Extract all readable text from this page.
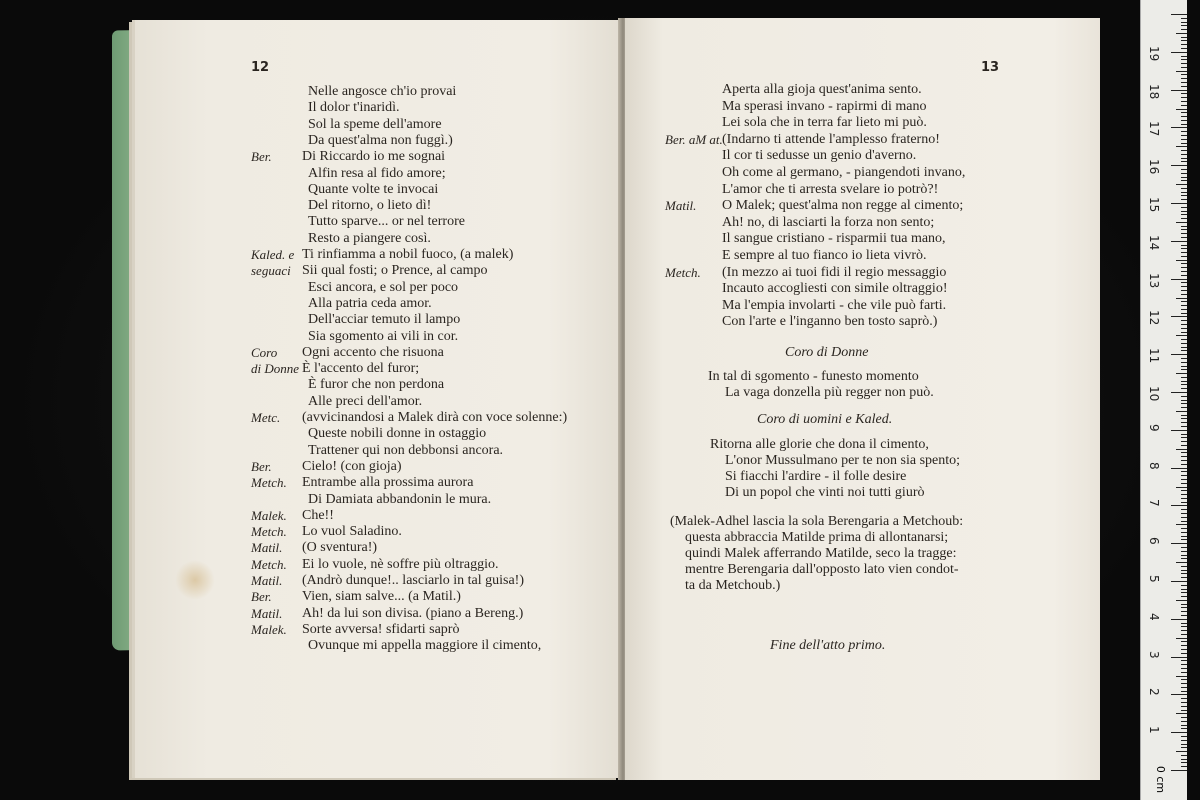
12
Nelle angosce ch'io provai
Il dolor t'inaridì.
Sol la speme dell'amore
Da quest'alma non fuggì.)
Ber. Di Riccardo io me sognai
Alfin resa al fido amore;
Quante volte te invocai
Del ritorno, o lieto dì!
Tutto sparve... or nel terrore
Resto a piangere così.
Kaled. e Ti rinfiamma a nobil fuoco, (a malek)
seguaci Sii qual fosti; o Prence, al campo
Esci ancora, e sol per poco
Alla patria ceda amor.
Dell'acciar temuto il lampo
Sia sgomento ai vili in cor.
Coro Ogni accento che risuona
di Donne È l'accento del furor;
È furor che non perdona
Alle preci dell'amor.
Metc. (avvicinandosi a Malek dirà con voce solenne:)
Queste nobili donne in ostaggio
Trattener qui non debbonsi ancora.
Ber. Cielo! (con gioja)
Metch. Entrambe alla prossima aurora
Di Damiata abbandonin le mura.
Malek. Che!!
Metch. Lo vuol Saladino.
Matil. (O sventura!)
Metch. Ei lo vuole, nè soffre più oltraggio.
Matil. (Andrò dunque!.. lasciarlo in tal guisa!)
Ber. Vien, siam salve... (a Matil.)
Matil. Ah! da lui son divisa. (piano a Bereng.)
Malek. Sorte avversa! sfidarti saprò
Ovunque mi appella maggiore il cimento,
13
Aperta alla gioja quest'anima sento.
Ma sperasi invano - rapirmi di mano
Lei sola che in terra far lieto mi può.
Ber. aM at. (Indarno ti attende l'amplesso fraterno!
Il cor ti sedusse un genio d'averno.
Oh come al germano, - piangendoti invano,
L'amor che ti arresta svelare io potrò?!
Matil. O Malek; quest'alma non regge al cimento;
Ah! no, di lasciarti la forza non sento;
Il sangue cristiano - risparmii tua mano,
E sempre al tuo fianco io lieta vivrò.
Metch. (In mezzo ai tuoi fidi il regio messaggio
Incauto accogliesti con simile oltraggio!
Ma l'empia involarti - che vile può farti.
Con l'arte e l'inganno ben tosto saprò.)
Coro di Donne
In tal di sgomento - funesto momento
La vaga donzella più regger non può.
Coro di uomini e Kaled.
Ritorna alle glorie che dona il cimento,
L'onor Mussulmano per te non sia spento;
Si fiacchi l'ardire - il folle desire
Di un popol che vinti noi tutti giurò
(Malek-Adhel lascia la sola Berengaria a Metchoub:
questa abbraccia Matilde prima di allontanarsi;
quindi Malek afferrando Matilde, seco la tragge:
mentre Berengaria dall'opposto lato vien condot-
ta da Metchoub.)
Fine dell'atto primo.
1
2
3
4
5
6
7
8
9
10
11
12
13
14
15
16
17
18
19
0 cm
